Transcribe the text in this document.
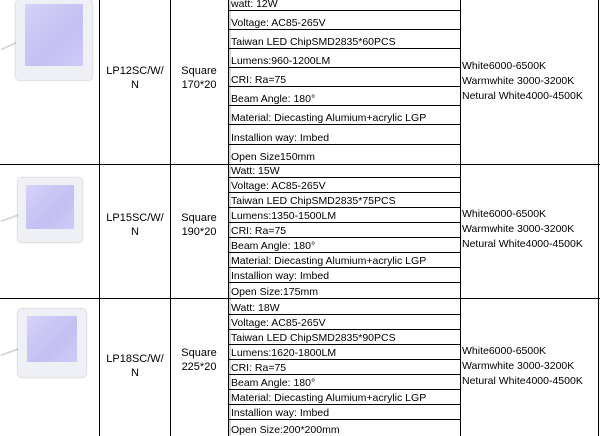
LP12SC/W/
N
Square
170*20
White6000-6500K
Warmwhite 3000-3200K
Netural White4000-4500K
LP15SC/W/
N
Square
190*20
White6000-6500K
Warmwhite 3000-3200K
Netural White4000-4500K
LP18SC/W/
N
Square
225*20
White6000-6500K
Warmwhite 3000-3200K
Netural White4000-4500K
watt: 12W
Voltage: AC85-265V
Taiwan LED ChipSMD2835*60PCS
Lumens:960-1200LM
CRI: Ra=75
Beam Angle: 180°
Material: Diecasting Alumium+acrylic LGP
Installion way: Imbed
Open Size150mm
Watt: 15W
Voltage: AC85-265V
Taiwan LED ChipSMD2835*75PCS
Lumens:1350-1500LM
CRI: Ra=75
Beam Angle: 180°
Material: Diecasting Alumium+acrylic LGP
Installion way: Imbed
Open Size:175mm
Watt: 18W
Voltage: AC85-265V
Taiwan LED ChipSMD2835*90PCS
Lumens:1620-1800LM
CRI: Ra=75
Beam Angle: 180°
Material: Diecasting Alumium+acrylic LGP
Installion way: Imbed
Open Size:200*200mm
